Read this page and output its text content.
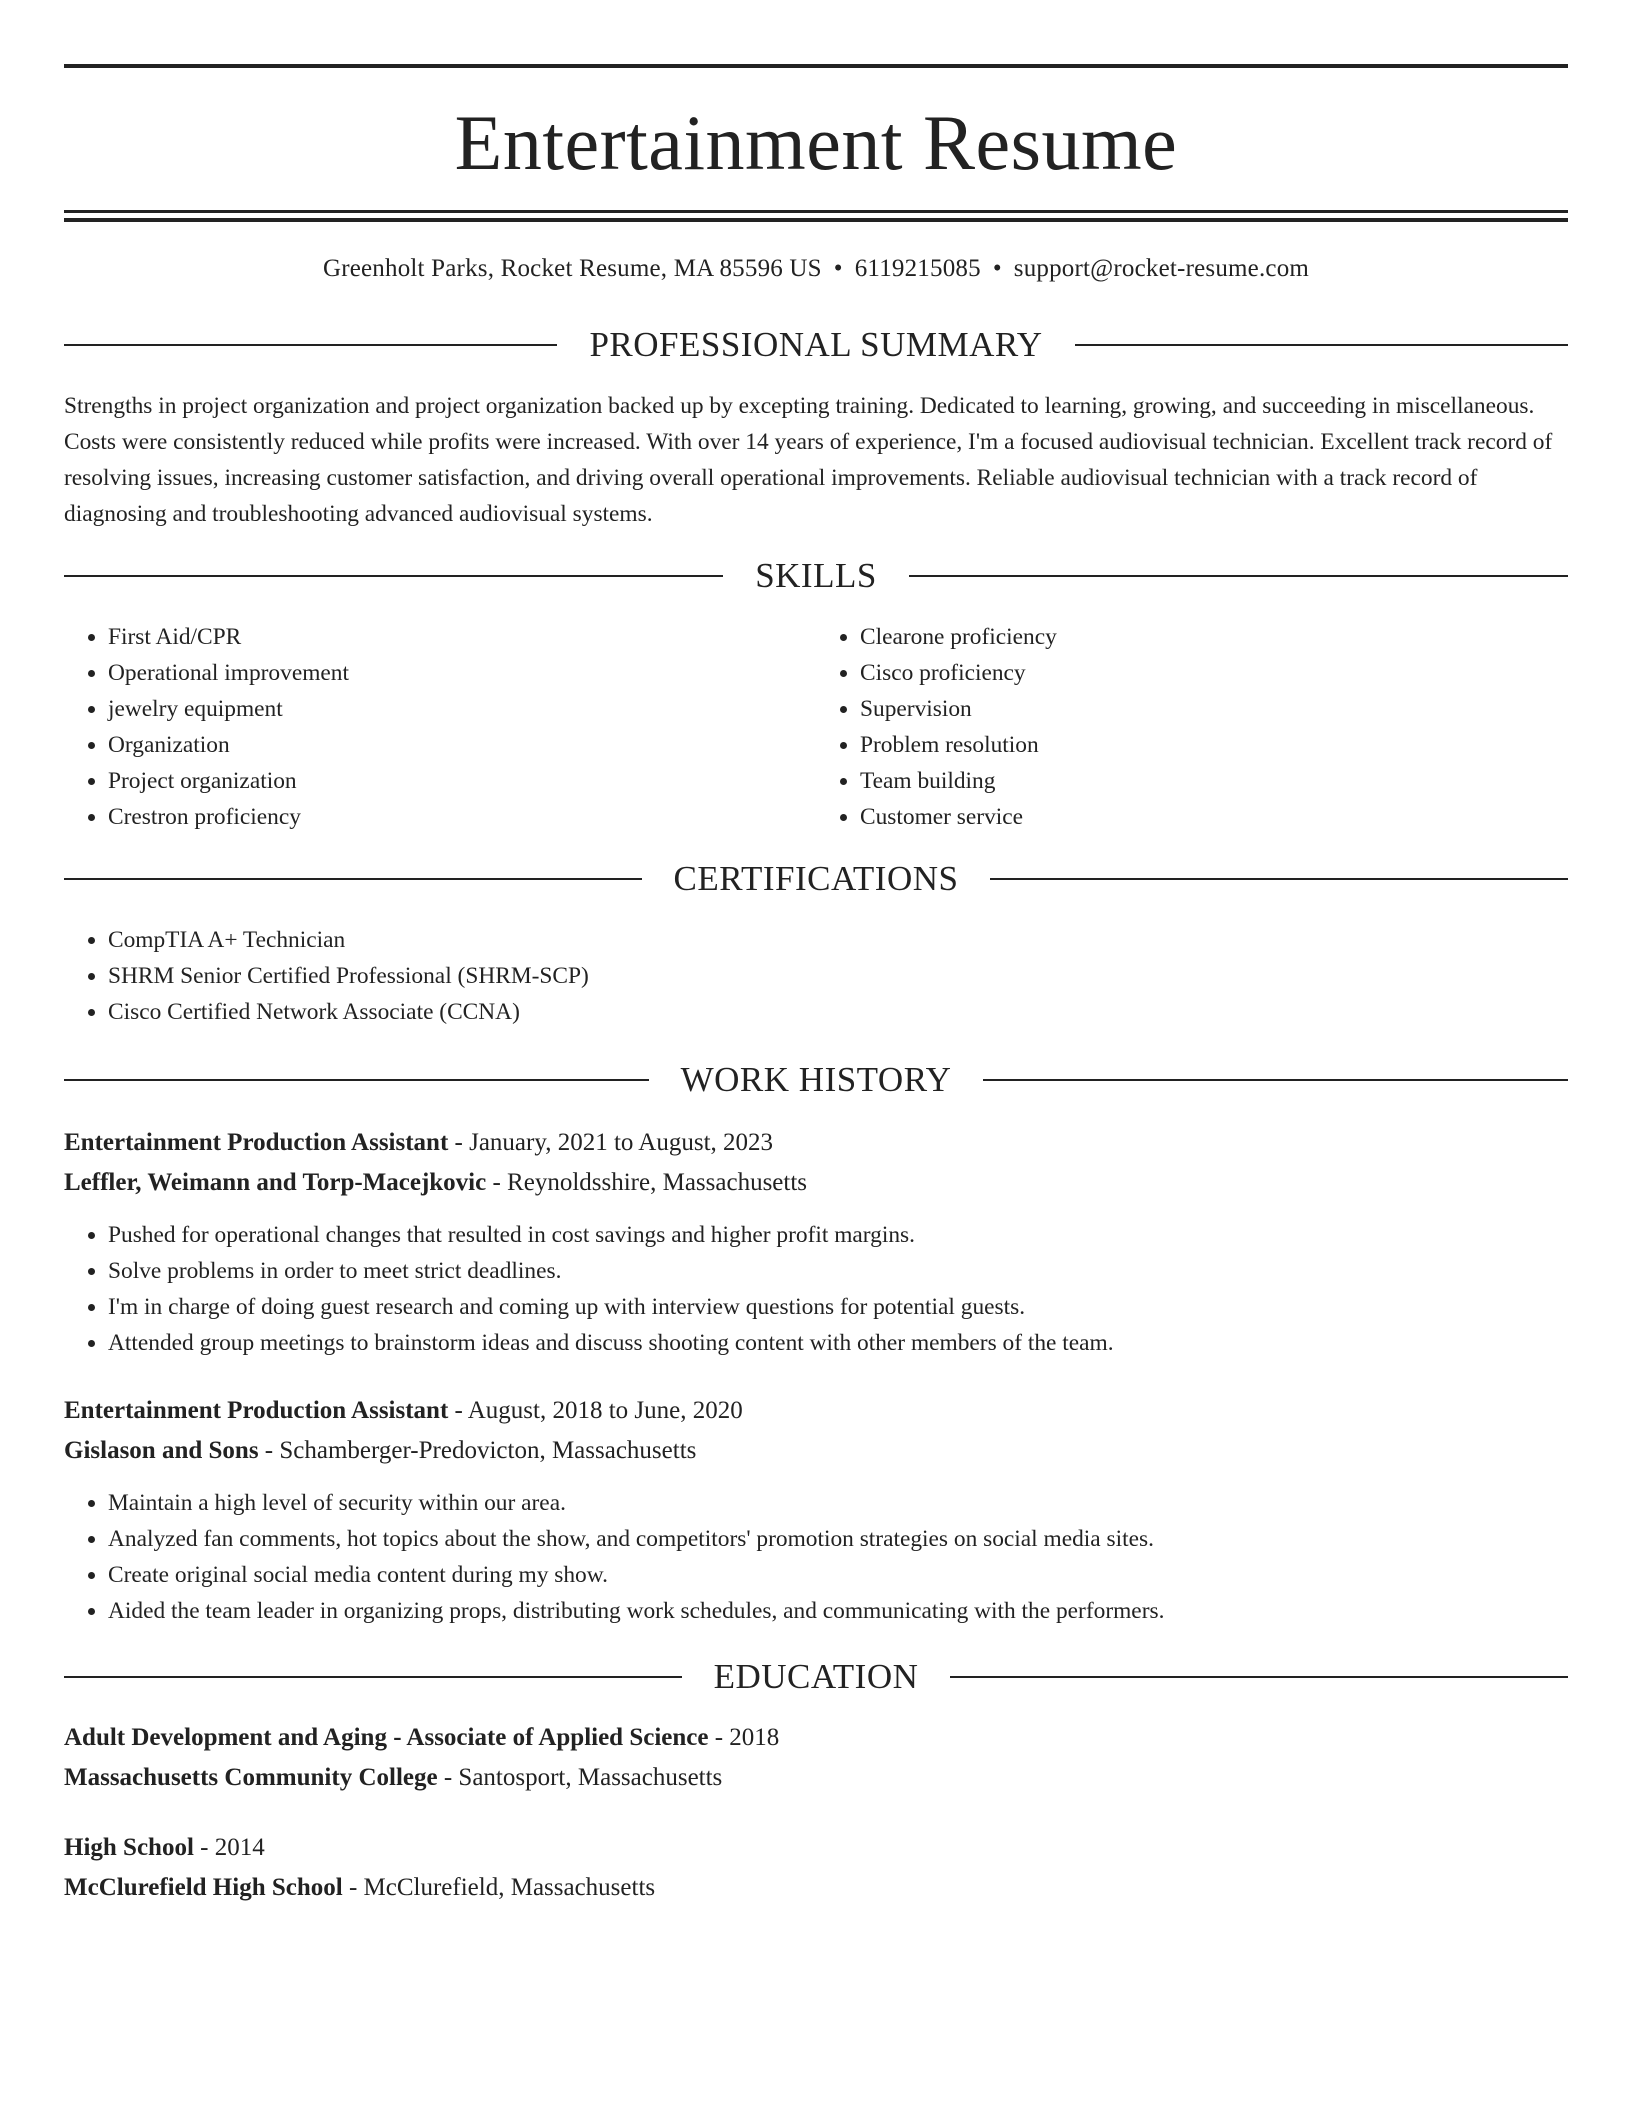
Entertainment Resume
Greenholt Parks, Rocket Resume, MA 85596 US • 6119215085 • support@rocket-resume.com
PROFESSIONAL SUMMARY

Strengths in project organization and project organization backed up by excepting training. Dedicated to learning, growing, and succeeding in miscellaneous. Costs were consistently reduced while profits were increased. With over 14 years of experience, I'm a focused audiovisual technician. Excellent track record of resolving issues, increasing customer satisfaction, and driving overall operational improvements. Reliable audiovisual technician with a track record of diagnosing and troubleshooting advanced audiovisual systems.

SKILLS
• First Aid/CPR
• Operational improvement
• jewelry equipment
• Organization
• Project organization
• Crestron proficiency
• Clearone proficiency
• Cisco proficiency
• Supervision
• Problem resolution
• Team building
• Customer service
CERTIFICATIONS
• CompTIA A+ Technician
• SHRM Senior Certified Professional (SHRM-SCP)
• Cisco Certified Network Associate (CCNA)
WORK HISTORY
Entertainment Production Assistant - January, 2021 to August, 2023
Leffler, Weimann and Torp-Macejkovic - Reynoldsshire, Massachusetts
• Pushed for operational changes that resulted in cost savings and higher profit margins.
• Solve problems in order to meet strict deadlines.
• I'm in charge of doing guest research and coming up with interview questions for potential guests.
• Attended group meetings to brainstorm ideas and discuss shooting content with other members of the team.
Entertainment Production Assistant - August, 2018 to June, 2020
Gislason and Sons - Schamberger-Predovicton, Massachusetts
• Maintain a high level of security within our area.
• Analyzed fan comments, hot topics about the show, and competitors' promotion strategies on social media sites.
• Create original social media content during my show.
• Aided the team leader in organizing props, distributing work schedules, and communicating with the performers.
EDUCATION
Adult Development and Aging - Associate of Applied Science - 2018
Massachusetts Community College - Santosport, Massachusetts
High School - 2014
McClurefield High School - McClurefield, Massachusetts
